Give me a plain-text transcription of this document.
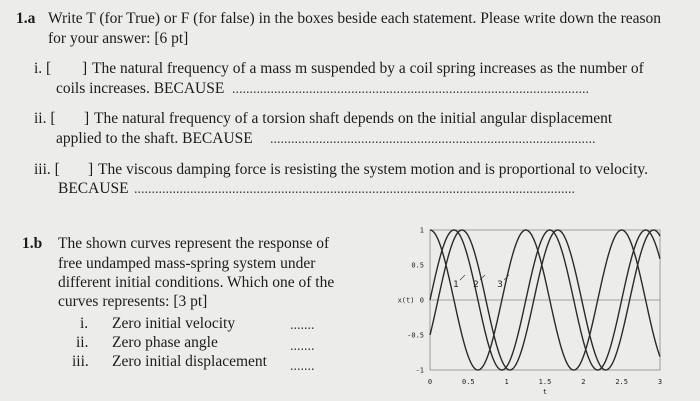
1.a Write T (for True) or F (for false) in the boxes beside each statement. Please write down the reason
for your answer: [6 pt]
i. [ ] The natural frequency of a mass m suspended by a coil spring increases as the number of
coils increases. BECAUSE ......................................................................................................
ii. [ ] The natural frequency of a torsion shaft depends on the initial angular displacement
applied to the shaft. BECAUSE .............................................................................................
iii. [ ] The viscous damping force is resisting the system motion and is proportional to velocity.
BECAUSE ..............................................................................................................................
1.b The shown curves represent the response of
free undamped mass-spring system under
different initial conditions. Which one of the
curves represents: [3 pt]
i. Zero initial velocity	.......
ii. Zero phase angle	.......
iii. Zero initial displacement .......
1 2 3
1
0.5
0
-0.5
-1
x(t)
0	0.5	1	1.5	2	2.5	3
t
